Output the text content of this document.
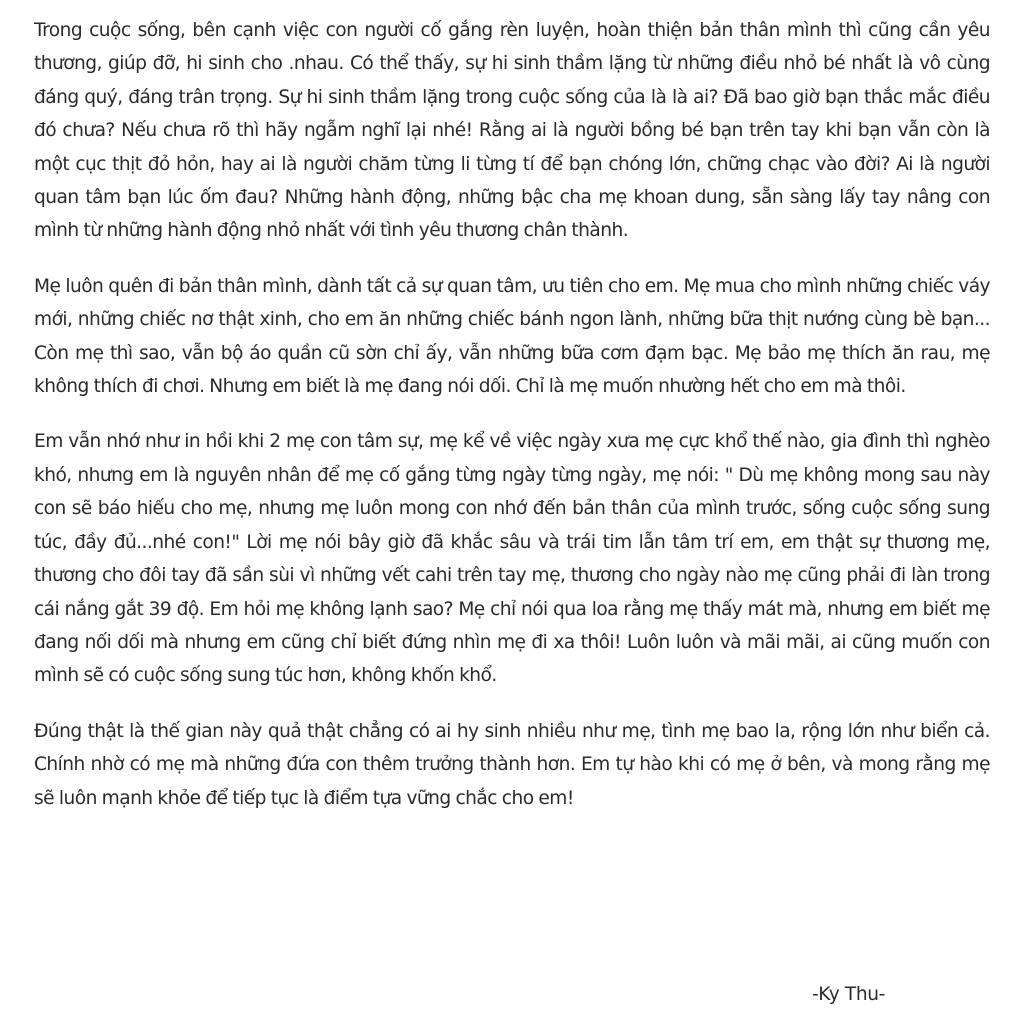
Trong cuộc sống, bên cạnh việc con người cố gắng rèn luyện, hoàn thiện bản thân mình thì cũng cần yêu thương, giúp đỡ, hi sinh cho .nhau. Có thể thấy, sự hi sinh thầm lặng từ những điều nhỏ bé nhất là vô cùng đáng quý, đáng trân trọng. Sự hi sinh thầm lặng trong cuộc sống của là là ai? Đã bao giờ bạn thắc mắc điều đó chưa? Nếu chưa rõ thì hãy ngẫm nghĩ lại nhé! Rằng ai là người bồng bé bạn trên tay khi bạn vẫn còn là một cục thịt đỏ hỏn, hay ai là người chăm từng li từng tí để bạn chóng lớn, chững chạc vào đời? Ai là người quan tâm bạn lúc ốm đau? Những hành động, những bậc cha mẹ khoan dung, sẵn sàng lấy tay nâng con mình từ những hành động nhỏ nhất với tình yêu thương chân thành.

Mẹ luôn quên đi bản thân mình, dành tất cả sự quan tâm, ưu tiên cho em. Mẹ mua cho mình những chiếc váy mới, những chiếc nơ thật xinh, cho em ăn những chiếc bánh ngon lành, những bữa thịt nướng cùng bè bạn... Còn mẹ thì sao, vẫn bộ áo quần cũ sờn chỉ ấy, vẫn những bữa cơm đạm bạc. Mẹ bảo mẹ thích ăn rau, mẹ không thích đi chơi. Nhưng em biết là mẹ đang nói dối. Chỉ là mẹ muốn nhường hết cho em mà thôi.

Em vẫn nhớ như in hồi khi 2 mẹ con tâm sự, mẹ kể về việc ngày xưa mẹ cực khổ thế nào, gia đình thì nghèo khó, nhưng em là nguyên nhân để mẹ cố gắng từng ngày từng ngày, mẹ nói: " Dù mẹ không mong sau này con sẽ báo hiếu cho mẹ, nhưng mẹ luôn mong con nhớ đến bản thân của mình trước, sống cuộc sống sung túc, đầy đủ...nhé con!" Lời mẹ nói bây giờ đã khắc sâu và trái tim lẫn tâm trí em, em thật sự thương mẹ, thương cho đôi tay đã sần sùi vì những vết cahi trên tay mẹ, thương cho ngày nào mẹ cũng phải đi làn trong cái nắng gắt 39 độ. Em hỏi mẹ không lạnh sao? Mẹ chỉ nói qua loa rằng mẹ thấy mát mà, nhưng em biết mẹ đang nối dối mà nhưng em cũng chỉ biết đứng nhìn mẹ đi xa thôi! Luôn luôn và mãi mãi, ai cũng muốn con mình sẽ có cuộc sống sung túc hơn, không khốn khổ.

Đúng thật là thế gian này quả thật chẳng có ai hy sinh nhiều như mẹ, tình mẹ bao la, rộng lớn như biển cả. Chính nhờ có mẹ mà những đứa con thêm trưởng thành hơn. Em tự hào khi có mẹ ở bên, và mong rằng mẹ sẽ luôn mạnh khỏe để tiếp tục là điểm tựa vững chắc cho em!

-Ky Thu-
